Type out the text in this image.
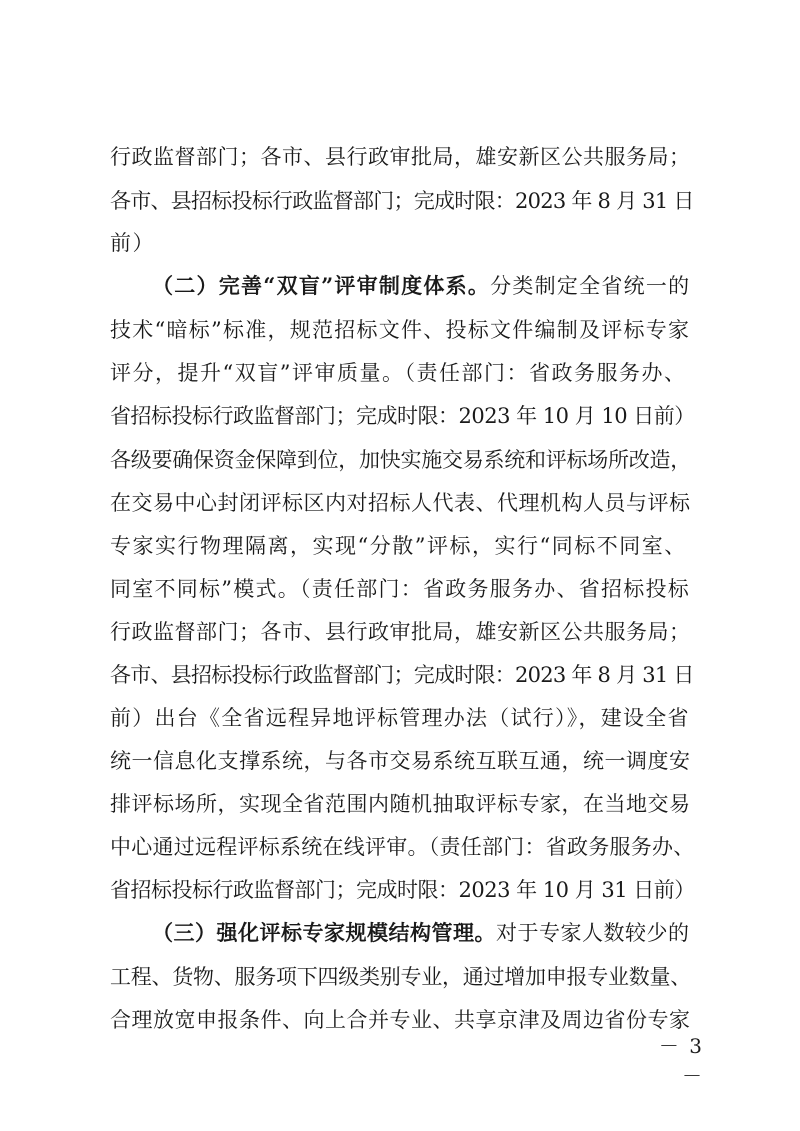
行政监督部门；各市、县行政审批局，雄安新区公共服务局；
各市、县招标投标行政监督部门；完成时限：2023 年 8 月 31 日
前）
（二）完善“双盲”评审制度体系。分类制定全省统一的
技术“暗标”标准，规范招标文件、投标文件编制及评标专家
评分，提升“双盲”评审质量。（责任部门：省政务服务办、
省招标投标行政监督部门；完成时限：2023 年 10 月 10 日前）
各级要确保资金保障到位，加快实施交易系统和评标场所改造，
在交易中心封闭评标区内对招标人代表、代理机构人员与评标
专家实行物理隔离，实现“分散”评标，实行“同标不同室、
同室不同标”模式。（责任部门：省政务服务办、省招标投标
行政监督部门；各市、县行政审批局，雄安新区公共服务局；
各市、县招标投标行政监督部门；完成时限：2023 年 8 月 31 日
前）出台《全省远程异地评标管理办法（试行）》，建设全省
统一信息化支撑系统，与各市交易系统互联互通，统一调度安
排评标场所，实现全省范围内随机抽取评标专家，在当地交易
中心通过远程评标系统在线评审。（责任部门：省政务服务办、
省招标投标行政监督部门；完成时限：2023 年 10 月 31 日前）
（三）强化评标专家规模结构管理。对于专家人数较少的
工程、货物、服务项下四级类别专业，通过增加申报专业数量、
合理放宽申报条件、向上合并专业、共享京津及周边省份专家
－ 3 －
